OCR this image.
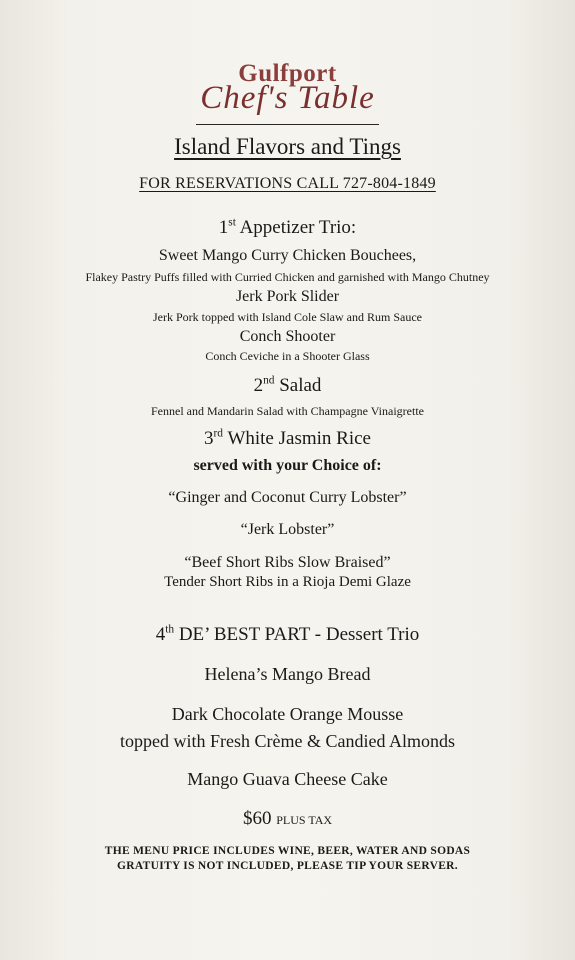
Gulfport
Chef's Table
Island Flavors and Tings
FOR RESERVATIONS CALL 727-804-1849
1st Appetizer Trio:
Sweet Mango Curry Chicken Bouchees,
Flakey Pastry Puffs filled with Curried Chicken and garnished with Mango Chutney
Jerk Pork Slider
Jerk Pork topped with Island Cole Slaw and Rum Sauce
Conch Shooter
Conch Ceviche in a Shooter Glass
2nd Salad
Fennel and Mandarin Salad with Champagne Vinaigrette
3rd White Jasmin Rice
served with your Choice of:
“Ginger and Coconut Curry Lobster”
“Jerk Lobster”
“Beef Short Ribs Slow Braised”
Tender Short Ribs in a Rioja Demi Glaze
4th DE’ BEST PART - Dessert Trio
Helena’s Mango Bread
Dark Chocolate Orange Mousse
topped with Fresh Crème & Candied Almonds
Mango Guava Cheese Cake
$60 PLUS TAX
THE MENU PRICE INCLUDES WINE, BEER, WATER AND SODAS
GRATUITY IS NOT INCLUDED, PLEASE TIP YOUR SERVER.
